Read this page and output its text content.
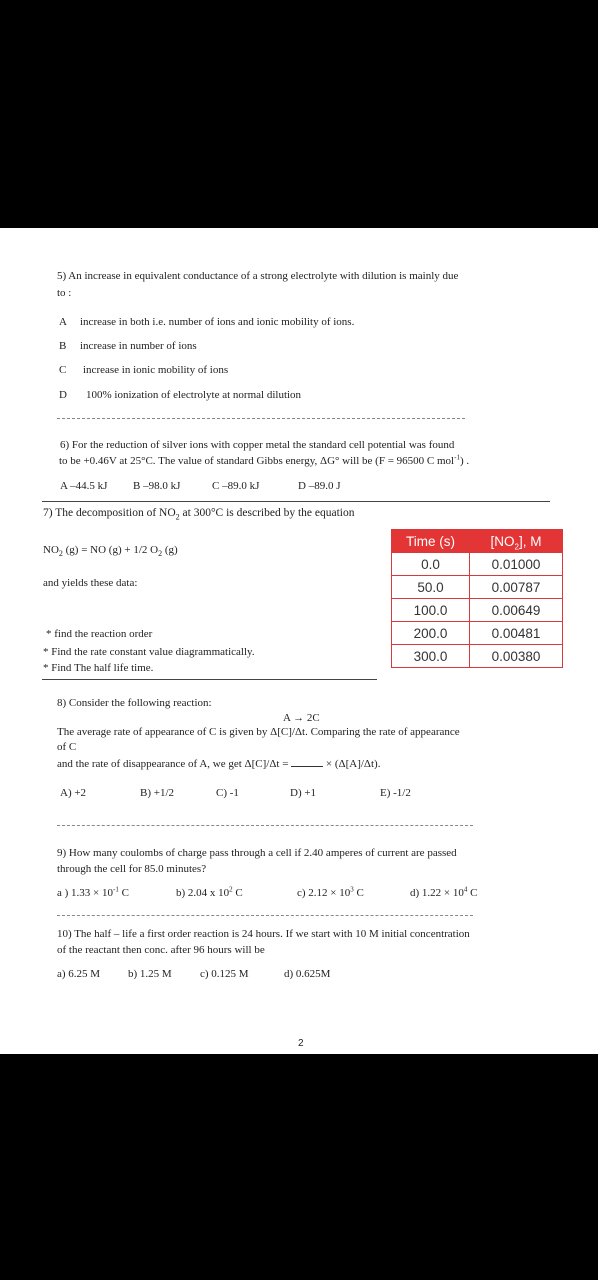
5) An increase in equivalent conductance of a strong electrolyte with dilution is mainly due
to :
A increase in both i.e. number of ions and ionic mobility of ions.
B increase in number of ions
C increase in ionic mobility of ions
D 100% ionization of electrolyte at normal dilution
6) For the reduction of silver ions with copper metal the standard cell potential was found
to be +0.46V at 25°C. The value of standard Gibbs energy, ΔG° will be (F = 96500 C mol$^{-1}$) .
A –44.5 kJ B –98.0 kJ	C –89.0 kJ	D –89.0 J
7) The decomposition of $NO_2$ at 300°C is described by the equation
$NO_2$ (g) = NO (g) + 1/2 $O_2$ (g)
and yields these data:
* find the reaction order
* Find the rate constant value diagrammatically.
* Find The half life time.
Time (s)	$[NO_2]$, M
0.0	0.01000
50.0	0.00787
100.0	0.00649
200.0	0.00481
300.0	0.00380
8) Consider the following reaction:
A → 2C
The average rate of appearance of C is given by Δ[C]/Δt. Comparing the rate of appearance
of C
and the rate of disappearance of A, we get Δ[C]/Δt =	× (Δ[A]/Δt).
A) +2	B) +1/2	C) -1	D) +1	E) -1/2
9) How many coulombs of charge pass through a cell if 2.40 amperes of current are passed
through the cell for 85.0 minutes?
a ) $1.33 \times 10^{-1}$ C	b) 2.04 x $10^2$ C	c) $2.12 \times 10^3$ C	d) $1.22 \times 10^4$ C
10) The half – life a first order reaction is 24 hours. If we start with 10 M initial concentration
of the reactant then conc. after 96 hours will be
a) 6.25 M	b) 1.25 M	c) 0.125 M	d) 0.625M
2
